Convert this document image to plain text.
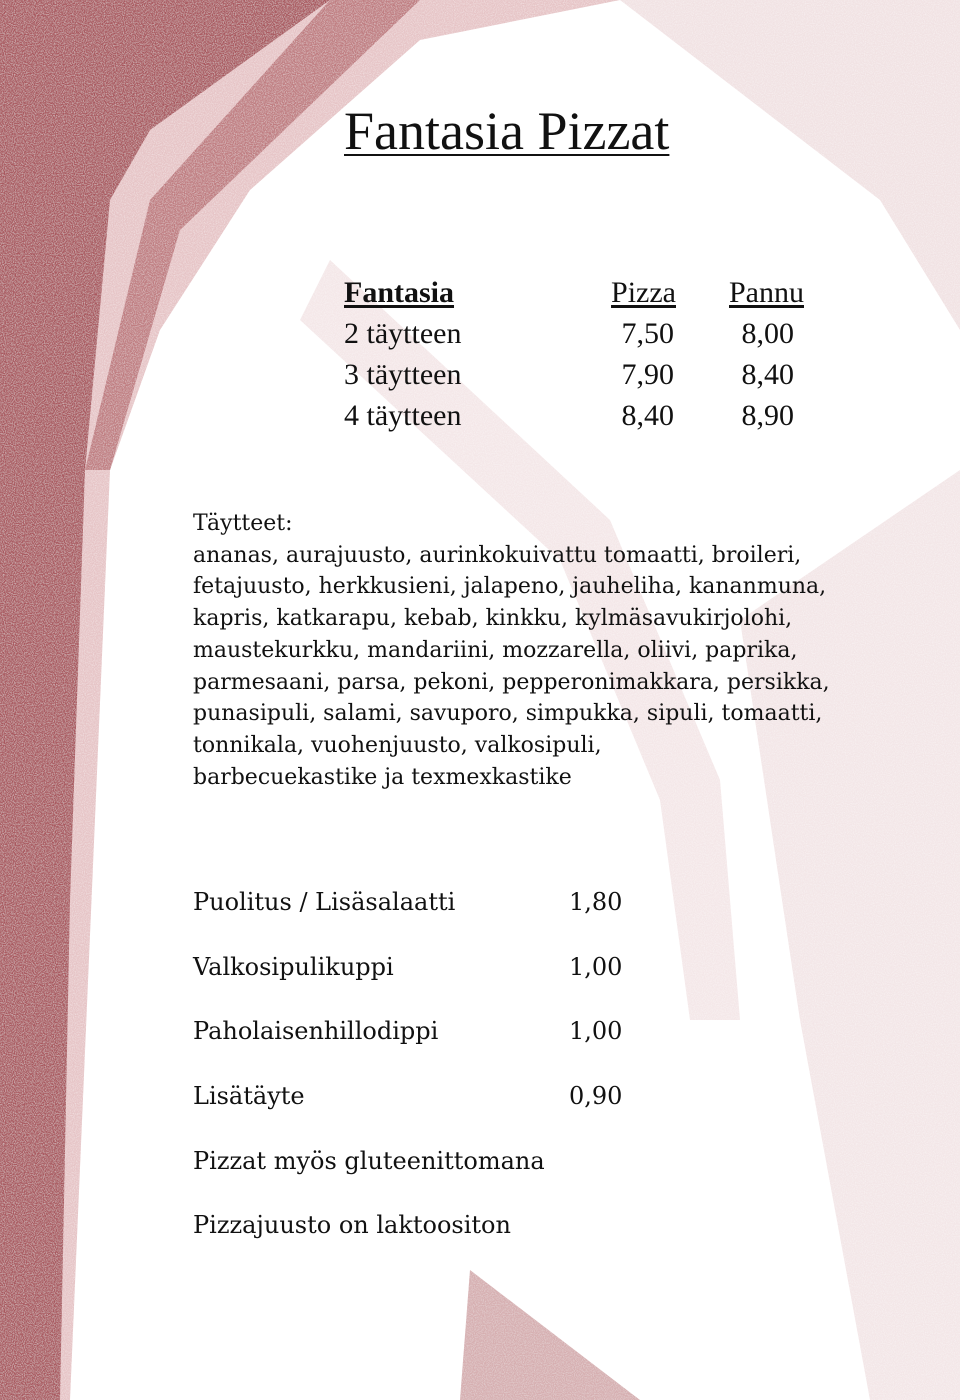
Fantasia Pizzat
Fantasia	Pizza Pannu
2 täytteen	7,50 8,00
3 täytteen	7,90 8,40
4 täytteen	8,40 8,90
Täytteet:
ananas, aurajuusto, aurinkokuivattu tomaatti, broileri,
fetajuusto, herkkusieni, jalapeno, jauheliha, kananmuna,
kapris, katkarapu, kebab, kinkku, kylmäsavukirjolohi,
maustekurkku, mandariini, mozzarella, oliivi, paprika,
parmesaani, parsa, pekoni, pepperonimakkara, persikka,
punasipuli, salami, savuporo, simpukka, sipuli, tomaatti,
tonnikala, vuohenjuusto, valkosipuli,
barbecuekastike ja texmexkastike
Puolitus / Lisäsalaatti	1,80
Valkosipulikuppi	1,00
Paholaisenhillodippi	1,00
Lisätäyte	0,90
Pizzat myös gluteenittomana
Pizzajuusto on laktoositon
